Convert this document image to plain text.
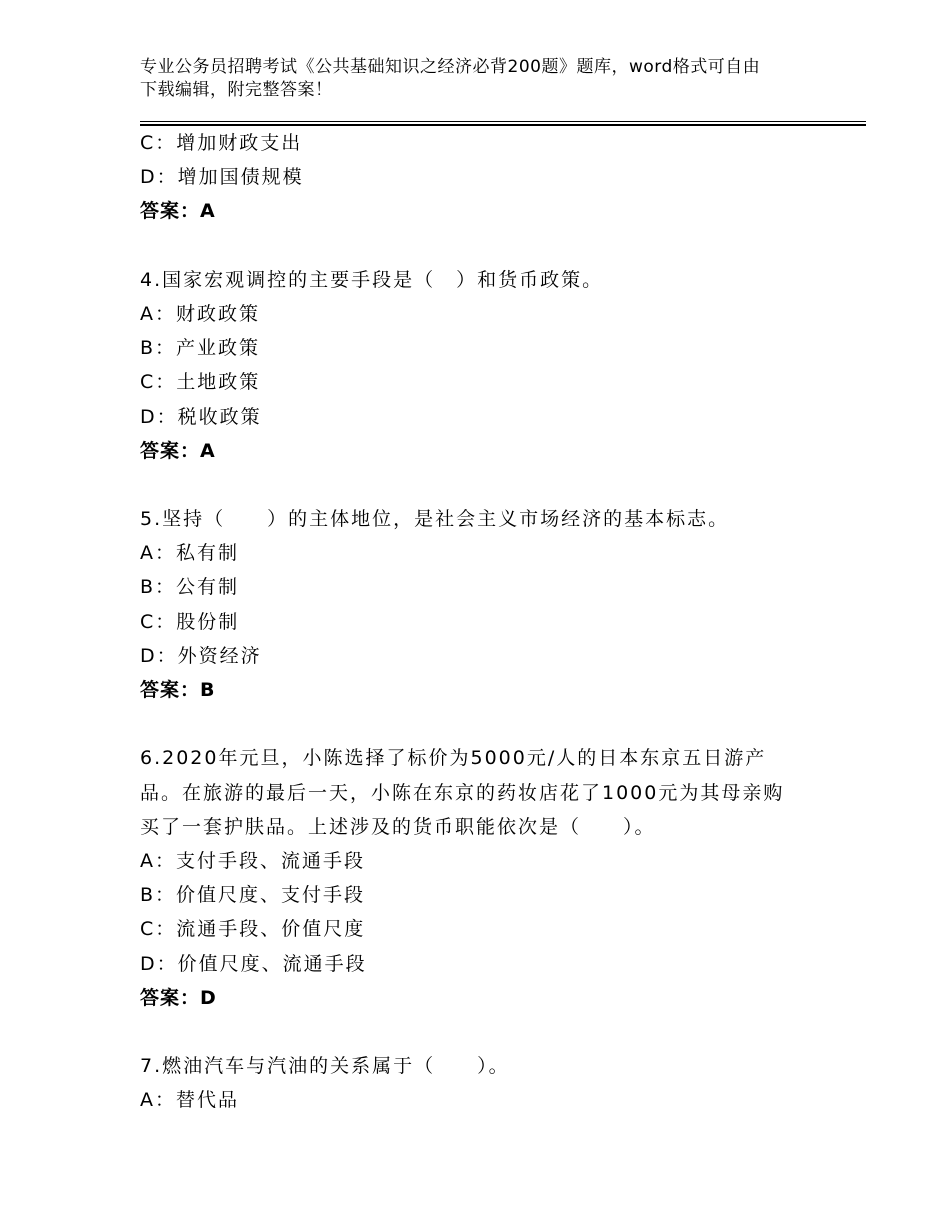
专业公务员招聘考试《公共基础知识之经济必背200题》题库，word格式可自由
下载编辑，附完整答案！
C：增加财政支出
D：增加国债规模
答案：A
4.国家宏观调控的主要手段是（　）和货币政策。
A：财政政策
B：产业政策
C：土地政策
D：税收政策
答案：A
5.坚持（　　）的主体地位，是社会主义市场经济的基本标志。
A：私有制
B：公有制
C：股份制
D：外资经济
答案：B
6.2020年元旦，小陈选择了标价为5000元/人的日本东京五日游产
品。在旅游的最后一天，小陈在东京的药妆店花了1000元为其母亲购
买了一套护肤品。上述涉及的货币职能依次是（　　）。
A：支付手段、流通手段
B：价值尺度、支付手段
C：流通手段、价值尺度
D：价值尺度、流通手段
答案：D
7.燃油汽车与汽油的关系属于（　　）。
A：替代品
